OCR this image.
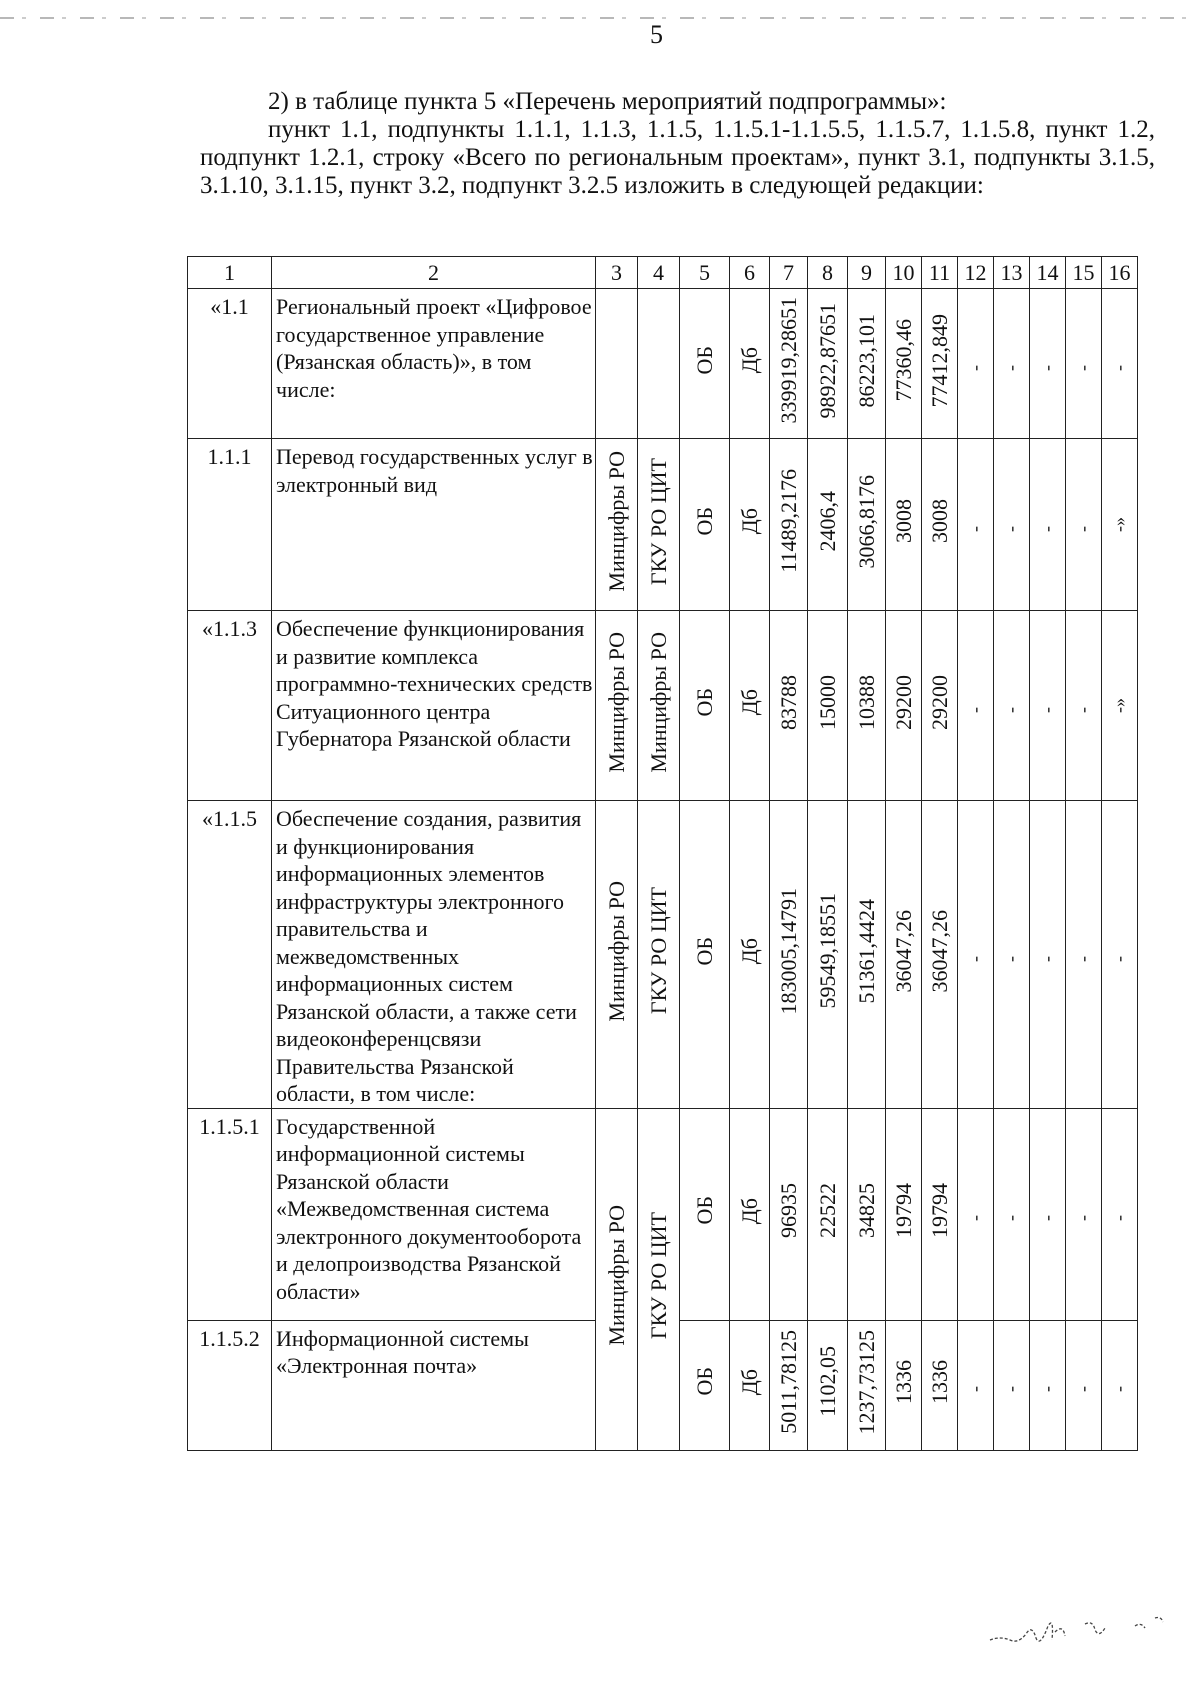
5

2) в таблице пункта 5 «Перечень мероприятий подпрограммы»:

пункт 1.1, подпункты 1.1.1, 1.1.3, 1.1.5, 1.1.5.1-1.1.5.5, 1.1.5.7, 1.1.5.8, пункт 1.2, подпункт 1.2.1, строку «Всего по региональным проектам», пункт 3.1, подпункты 3.1.5, 3.1.10, 3.1.15, пункт 3.2, подпункт 3.2.5 изложить в следующей редакции:

1	2	3	4	5	6	7	8	9	10	11	12	13	14	15	16
«1.1	Региональный проект «Цифровое государственное управление (Рязанская область)», в том числе:			ОБ	Дб	339919,28651	98922,87651	86223,101	77360,46	77412,849	-	-	-	-	-
1.1.1	Перевод государственных услуг в электронный вид	Минцифры РО	ГКУ РО ЦИТ	ОБ	Дб	11489,2176	2406,4	3066,8176	3008	3008	-	-	-	-	-»
«1.1.3	Обеспечение функционирования и развитие комплекса программно-технических средств Ситуационного центра Губернатора Рязанской области	Минцифры РО	Минцифры РО	ОБ	Дб	83788	15000	10388	29200	29200	-	-	-	-	-»
«1.1.5	Обеспечение создания, развития и функционирования информационных элементов инфраструктуры электронного правительства и межведомственных информационных систем Рязанской области, а также сети видеоконференцсвязи Правительства Рязанской области, в том числе:	Минцифры РО	ГКУ РО ЦИТ	ОБ	Дб	183005,14791	59549,18551	51361,4424	36047,26	36047,26	-	-	-	-	-
1.1.5.1	Государственной информационной системы Рязанской области «Межведомственная система электронного документооборота и делопроизводства Рязанской области»	Минцифры РО	ГКУ РО ЦИТ	ОБ	Дб	96935	22522	34825	19794	19794	-	-	-	-	-
1.1.5.2	Информационной системы «Электронная почта»			ОБ	Дб	5011,78125	1102,05	1237,73125	1336	1336	-	-	-	-	-
